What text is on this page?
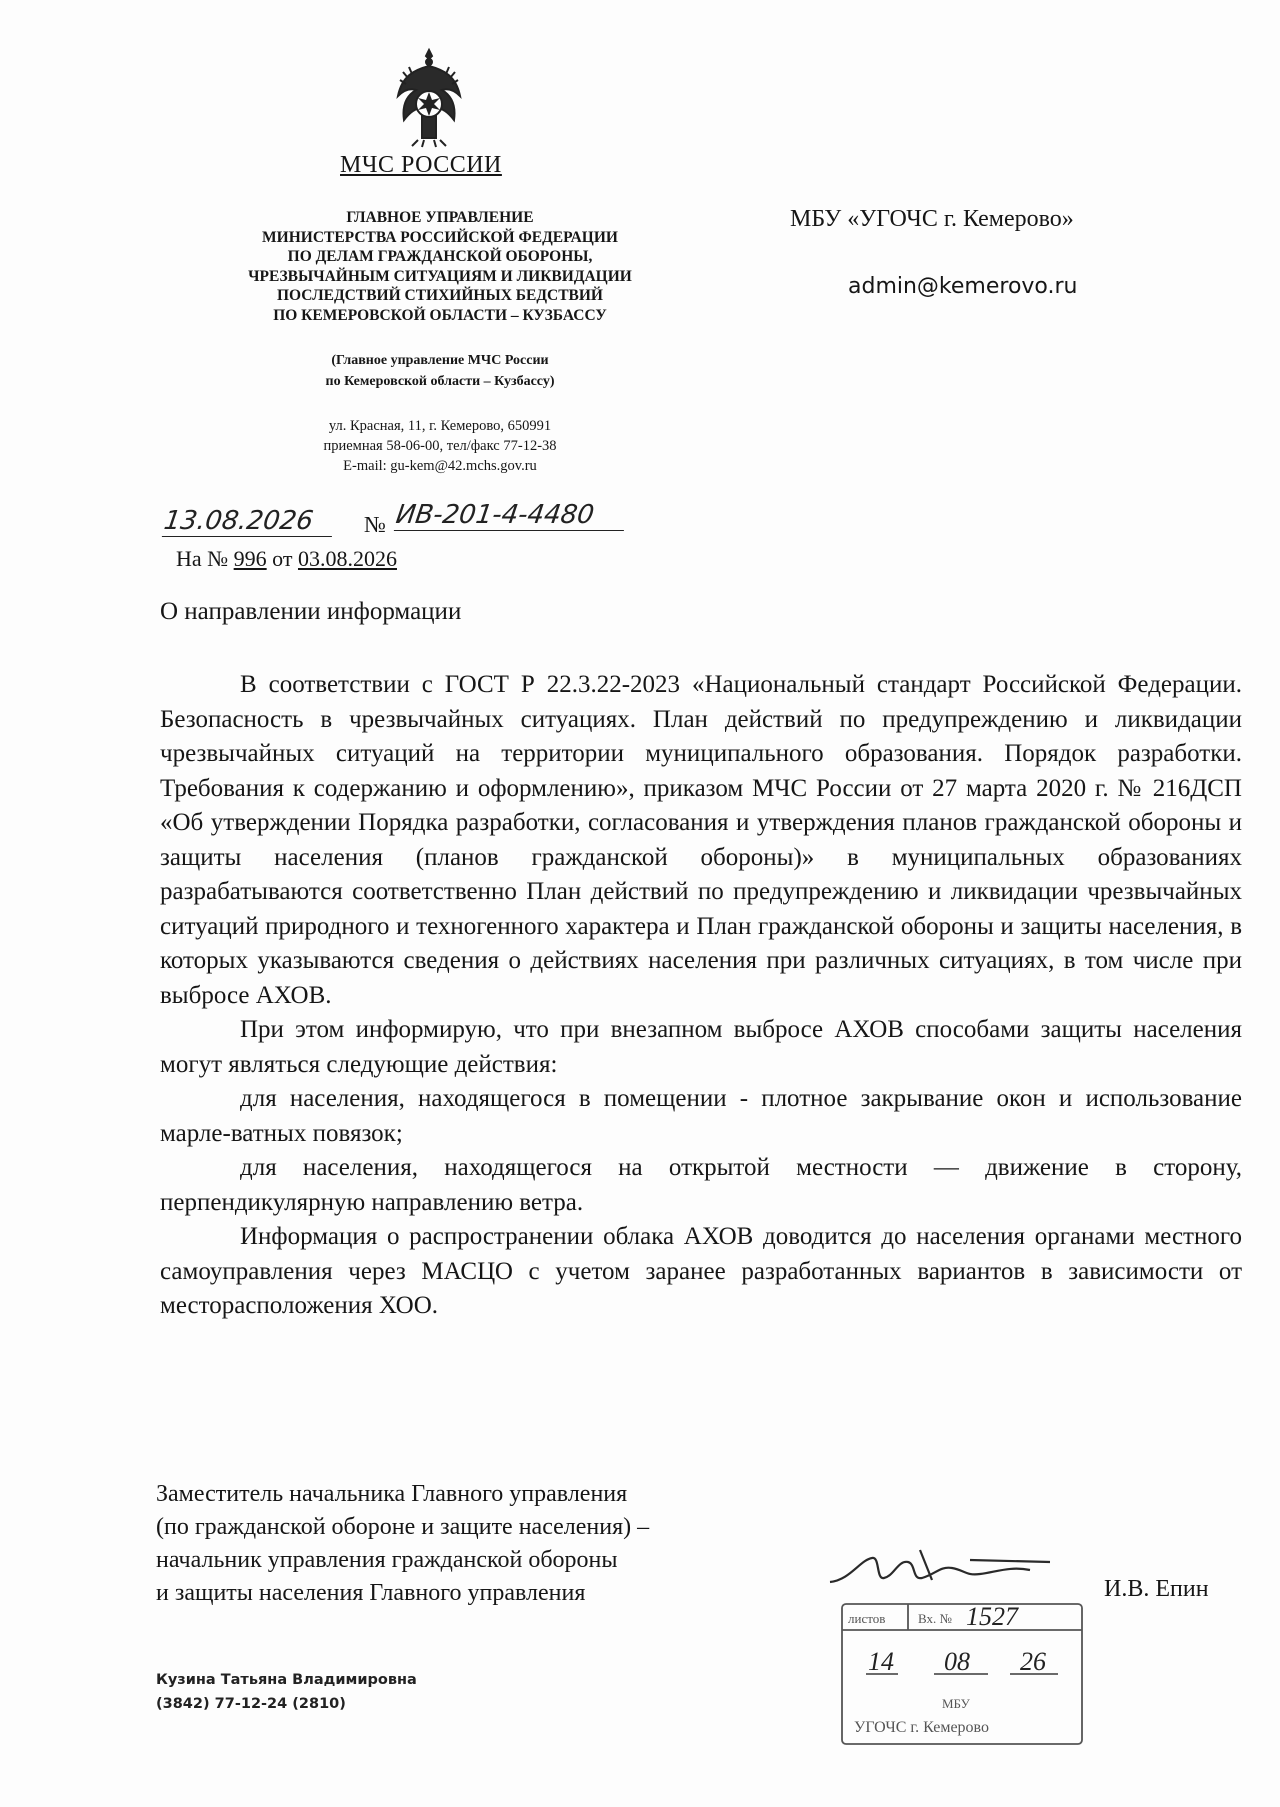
МЧС РОССИИ
ГЛАВНОЕ УПРАВЛЕНИЕ
МИНИСТЕРСТВА РОССИЙСКОЙ ФЕДЕРАЦИИ
ПО ДЕЛАМ ГРАЖДАНСКОЙ ОБОРОНЫ,
ЧРЕЗВЫЧАЙНЫМ СИТУАЦИЯМ И ЛИКВИДАЦИИ
ПОСЛЕДСТВИЙ СТИХИЙНЫХ БЕДСТВИЙ
ПО КЕМЕРОВСКОЙ ОБЛАСТИ – КУЗБАССУ
(Главное управление МЧС России
по Кемеровской области – Кузбассу)
ул. Красная, 11, г. Кемерово, 650991
приемная 58-06-00, тел/факс 77-12-38
E-mail: gu-kem@42.mchs.gov.ru
МБУ «УГОЧС г. Кемерово»
admin@kemerovo.ru
13.08.2026	№ ИВ-201-4-4480
На № 996 от 03.08.2026
О направлении информации

В соответствии с ГОСТ Р 22.3.22-2023 «Национальный стандарт Российской Федерации. Безопасность в чрезвычайных ситуациях. План действий по предупреждению и ликвидации чрезвычайных ситуаций на территории муниципального образования. Порядок разработки. Требования к содержанию и оформлению», приказом МЧС России от 27 марта 2020 г. № 216ДСП «Об утверждении Порядка разработки, согласования и утверждения планов гражданской обороны и защиты населения (планов гражданской обороны)» в муниципальных образованиях разрабатываются соответственно План действий по предупреждению и ликвидации чрезвычайных ситуаций природного и техногенного характера и План гражданской обороны и защиты населения, в которых указываются сведения о действиях населения при различных ситуациях, в том числе при выбросе АХОВ.

При этом информирую, что при внезапном выбросе АХОВ способами защиты населения могут являться следующие действия:

для населения, находящегося в помещении - плотное закрывание окон и использование марле-ватных повязок;

для населения, находящегося на открытой местности — движение в сторону, перпендикулярную направлению ветра.

Информация о распространении облака АХОВ доводится до населения органами местного самоуправления через МАСЦО с учетом заранее разработанных вариантов в зависимости от месторасположения ХОО.

Заместитель начальника Главного управления
(по гражданской обороне и защите населения) –
начальник управления гражданской обороны
и защиты населения Главного управления	И.В. Епин
листов	Вх. № 1527
14 08 26
МБУ
УГОЧС г. Кемерово
Кузина Татьяна Владимировна
(3842) 77-12-24 (2810)
